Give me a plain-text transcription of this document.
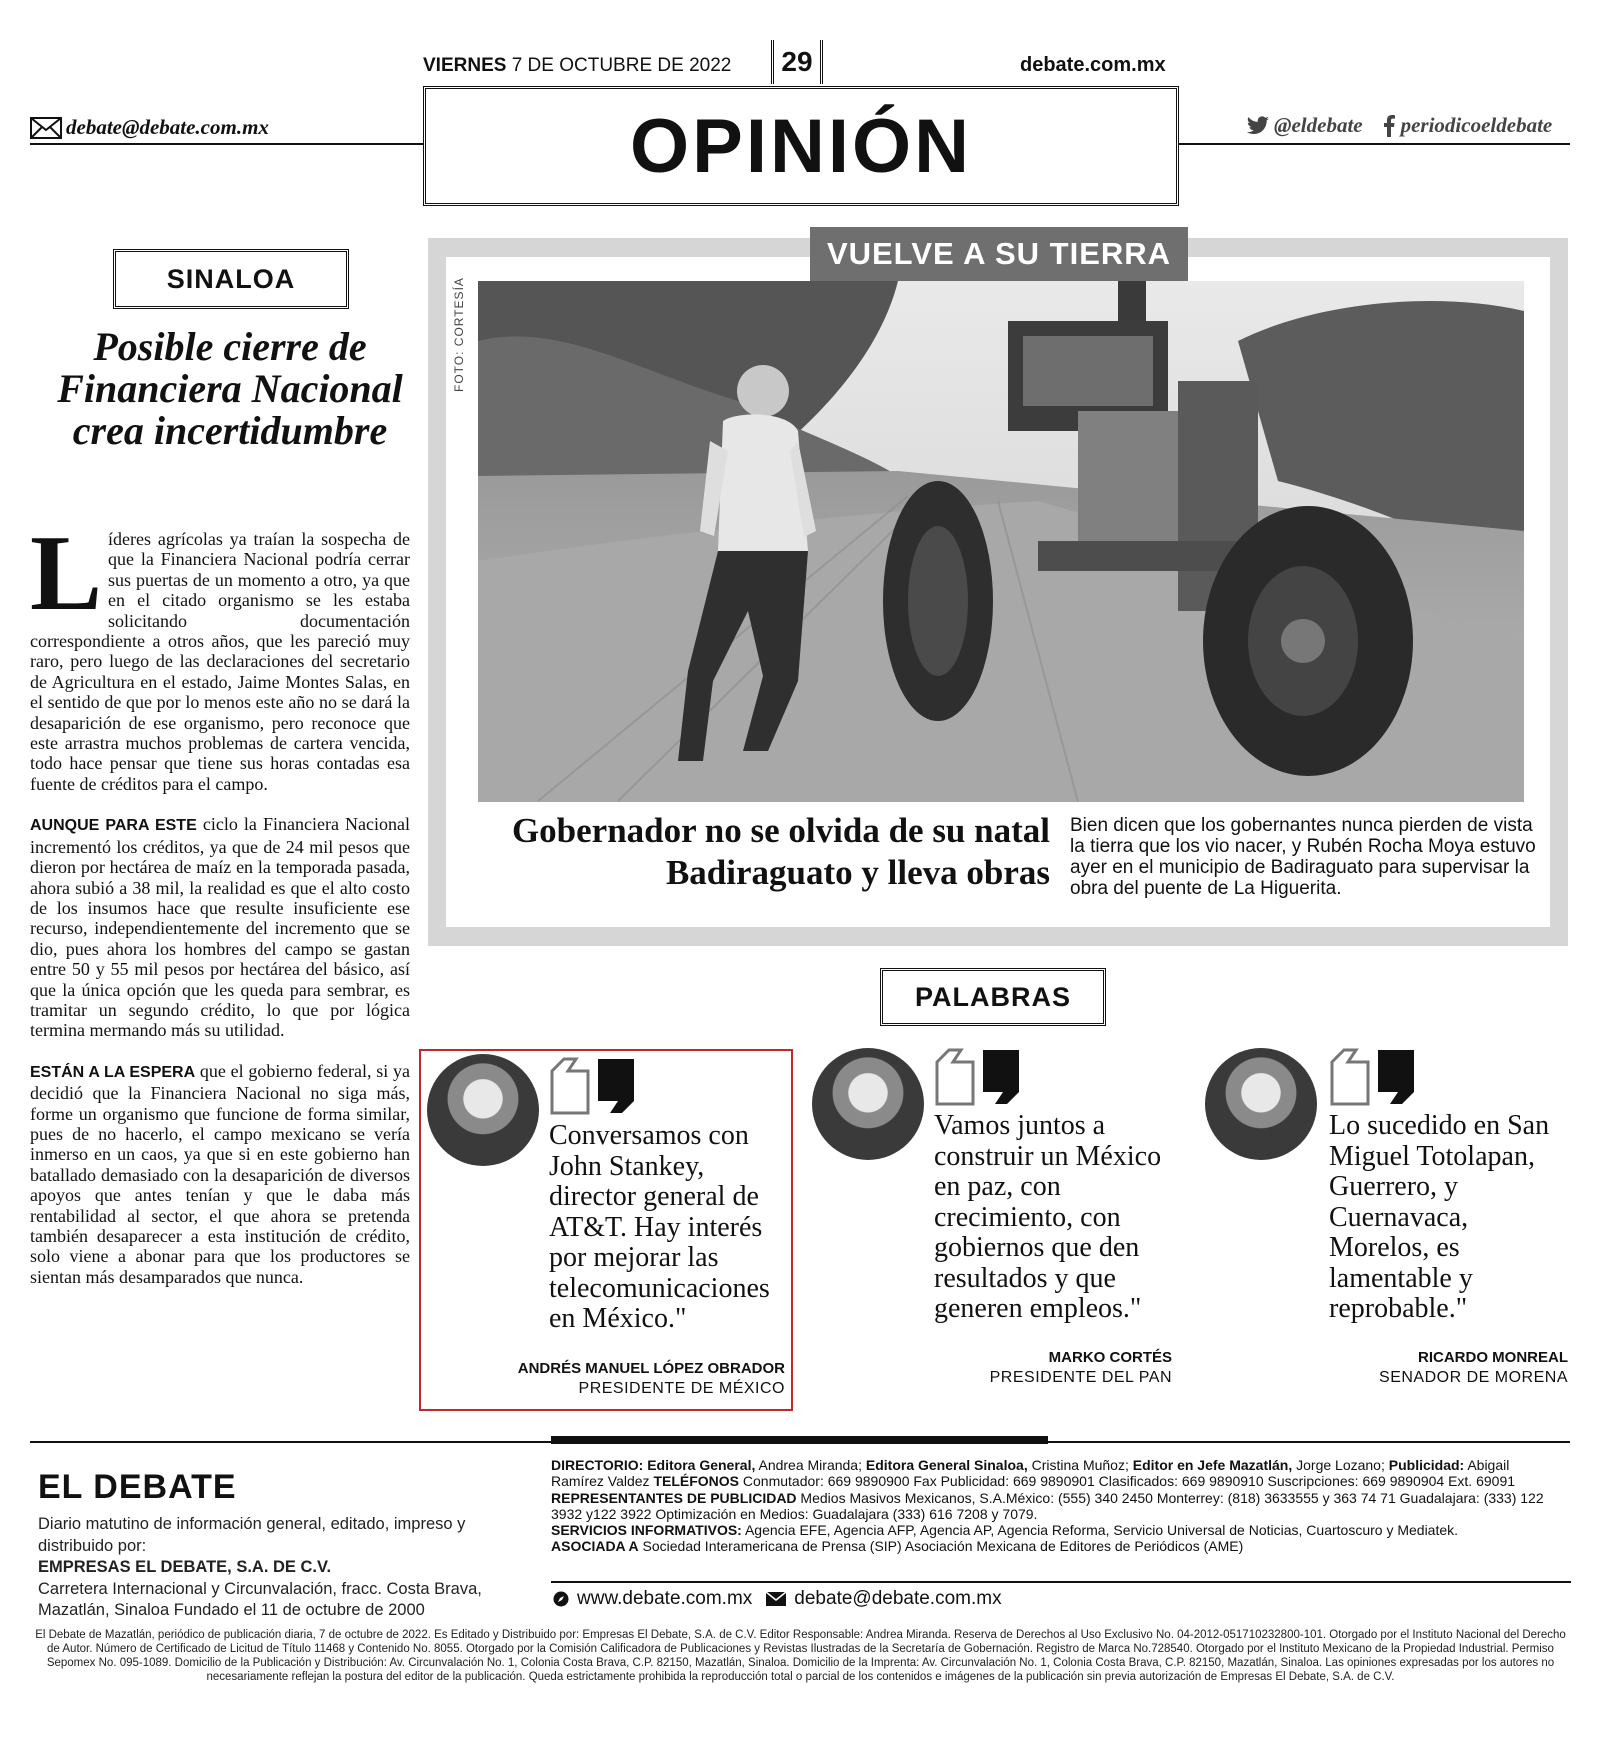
VIERNES 7 DE OCTUBRE DE 2022	29	debate.com.mx
OPINIÓN
debate@debate.com.mx	@eldebate periodicoeldebate
SINALOA
Posible cierre de Financiera Nacional crea incertidumbre

Líderes agrícolas ya traían la sospecha de que la Financiera Nacional podría cerrar sus puertas de un momento a otro, ya que en el citado organismo se les estaba solicitando documentación correspondiente a otros años, que les pareció muy raro, pero luego de las declaraciones del secretario de Agricultura en el estado, Jaime Montes Salas, en el sentido de que por lo menos este año no se dará la desaparición de ese organismo, pero reconoce que este arrastra muchos problemas de cartera vencida, todo hace pensar que tiene sus horas contadas esa fuente de créditos para el campo.

AUNQUE PARA ESTE ciclo la Financiera Nacional incrementó los créditos, ya que de 24 mil pesos que dieron por hectárea de maíz en la temporada pasada, ahora subió a 38 mil, la realidad es que el alto costo de los insumos hace que resulte insuficiente ese recurso, independientemente del incremento que se dio, pues ahora los hombres del campo se gastan entre 50 y 55 mil pesos por hectárea del básico, así que la única opción que les queda para sembrar, es tramitar un segundo crédito, lo que por lógica termina mermando más su utilidad.

ESTÁN A LA ESPERA que el gobierno federal, si ya decidió que la Financiera Nacional no siga más, forme un organismo que funcione de forma similar, pues de no hacerlo, el campo mexicano se vería inmerso en un caos, ya que si en este gobierno han batallado demasiado con la desaparición de diversos apoyos que antes tenían y que le daba más rentabilidad al sector, el que ahora se pretenda también desaparecer a esta institución de crédito, solo viene a abonar para que los productores se sientan más desamparados que nunca.

VUELVE A SU TIERRA
FOTO: CORTESÍA
Gobernador no se olvida de su natal Badiraguato y lleva obras
Bien dicen que los gobernantes nunca pierden de vista la tierra que los vio nacer, y Rubén Rocha Moya estuvo ayer en el municipio de Badiraguato para supervisar la obra del puente de La Higuerita.
PALABRAS
Conversamos con John Stankey, director general de AT&T. Hay interés por mejorar las telecomunicaciones en México."
ANDRÉS MANUEL LÓPEZ OBRADOR
PRESIDENTE DE MÉXICO
Vamos juntos a construir un México en paz, con crecimiento, con gobiernos que den resultados y que generen empleos."
MARKO CORTÉS
PRESIDENTE DEL PAN
Lo sucedido en San Miguel Totolapan, Guerrero, y Cuernavaca, Morelos, es lamentable y reprobable."
RICARDO MONREAL
SENADOR DE MORENA
EL DEBATE
Diario matutino de información general, editado, impreso y distribuido por:
EMPRESAS EL DEBATE, S.A. DE C.V.
Carretera Internacional y Circunvalación, fracc. Costa Brava, Mazatlán, Sinaloa Fundado el 11 de octubre de 2000
DIRECTORIO: Editora General, Andrea Miranda; Editora General Sinaloa, Cristina Muñoz; Editor en Jefe Mazatlán, Jorge Lozano; Publicidad: Abigail Ramírez Valdez TELÉFONOS Conmutador: 669 9890900 Fax Publicidad: 669 9890901 Clasificados: 669 9890910 Suscripciones: 669 9890904 Ext. 69091
REPRESENTANTES DE PUBLICIDAD Medios Masivos Mexicanos, S.A.México: (555) 340 2450 Monterrey: (818) 3633555 y 363 74 71 Guadalajara: (333) 122 3932 y122 3922 Optimización en Medios: Guadalajara (333) 616 7208 y 7079.
SERVICIOS INFORMATIVOS: Agencia EFE, Agencia AFP, Agencia AP, Agencia Reforma, Servicio Universal de Noticias, Cuartoscuro y Mediatek.
ASOCIADA A Sociedad Interamericana de Prensa (SIP) Asociación Mexicana de Editores de Periódicos (AME)
www.debate.com.mx debate@debate.com.mx
El Debate de Mazatlán, periódico de publicación diaria, 7 de octubre de 2022. Es Editado y Distribuido por: Empresas El Debate, S.A. de C.V. Editor Responsable: Andrea Miranda. Reserva de Derechos al Uso Exclusivo No. 04-2012-051710232800-101. Otorgado por el Instituto Nacional del Derecho de Autor. Número de Certificado de Licitud de Título 11468 y Contenido No. 8055. Otorgado por la Comisión Calificadora de Publicaciones y Revistas Ilustradas de la Secretaría de Gobernación. Registro de Marca No.728540. Otorgado por el Instituto Mexicano de la Propiedad Industrial. Permiso Sepomex No. 095-1089. Domicilio de la Publicación y Distribución: Av. Circunvalación No. 1, Colonia Costa Brava, C.P. 82150, Mazatlán, Sinaloa. Domicilio de la Imprenta: Av. Circunvalación No. 1, Colonia Costa Brava, C.P. 82150, Mazatlán, Sinaloa. Las opiniones expresadas por los autores no necesariamente reflejan la postura del editor de la publicación. Queda estrictamente prohibida la reproducción total o parcial de los contenidos e imágenes de la publicación sin previa autorización de Empresas El Debate, S.A. de C.V.
